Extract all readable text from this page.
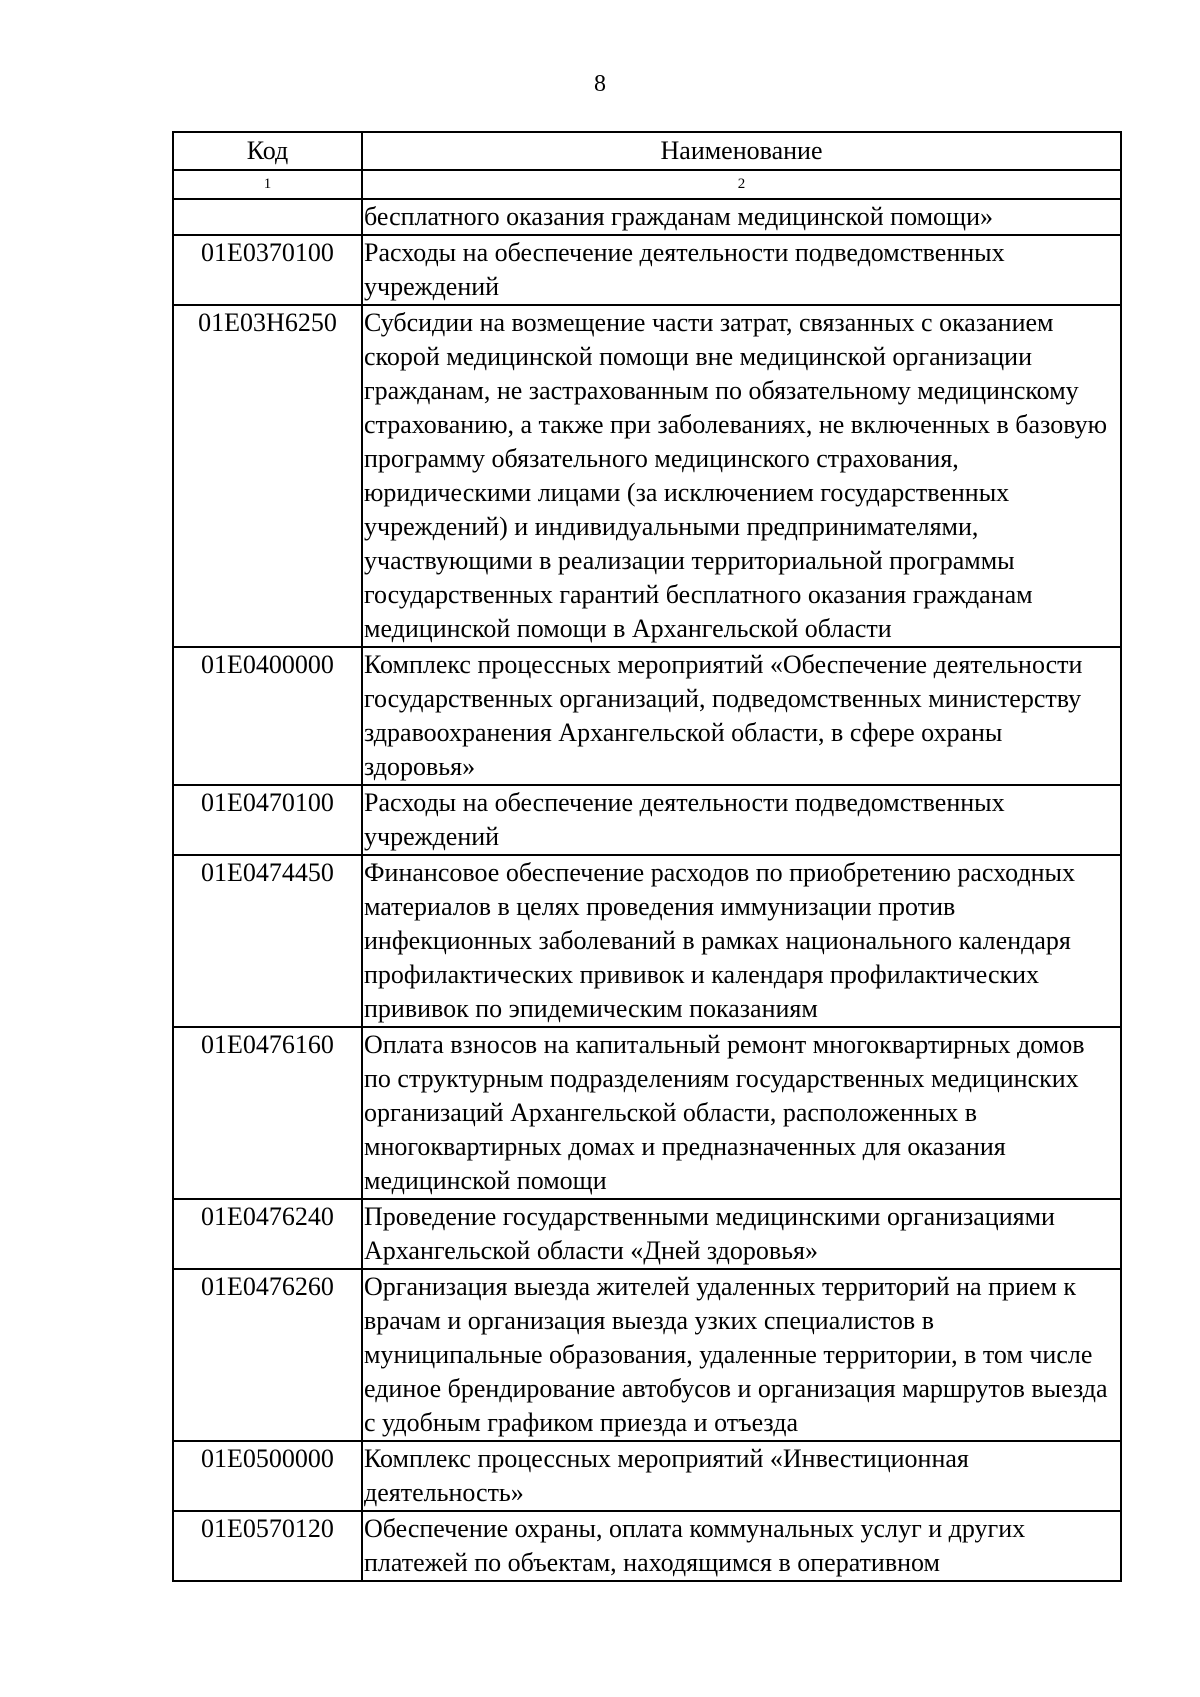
8
Код	Наименование
1	2
	бесплатного оказания гражданам медицинской помощи»
01Е0370100	Расходы на обеспечение деятельности подведомственных учреждений
01Е03Н6250	Субсидии на возмещение части затрат, связанных с оказанием скорой медицинской помощи вне медицинской организации гражданам, не застрахованным по обязательному медицинскому страхованию, а также при заболеваниях, не включенных в базовую программу обязательного медицинского страхования, юридическими лицами (за исключением государственных учреждений) и индивидуальными предпринимателями, участвующими в реализации территориальной программы государственных гарантий бесплатного оказания гражданам медицинской помощи в Архангельской области
01Е0400000	Комплекс процессных мероприятий «Обеспечение деятельности государственных организаций, подведомственных министерству здравоохранения Архангельской области, в сфере охраны здоровья»
01Е0470100	Расходы на обеспечение деятельности подведомственных учреждений
01Е0474450	Финансовое обеспечение расходов по приобретению расходных материалов в целях проведения иммунизации против инфекционных заболеваний в рамках национального календаря профилактических прививок и календаря профилактических прививок по эпидемическим показаниям
01Е0476160	Оплата взносов на капитальный ремонт многоквартирных домов по структурным подразделениям государственных медицинских организаций Архангельской области, расположенных в многоквартирных домах и предназначенных для оказания медицинской помощи
01Е0476240	Проведение государственными медицинскими организациями Архангельской области «Дней здоровья»
01Е0476260	Организация выезда жителей удаленных территорий на прием к врачам и организация выезда узких специалистов в муниципальные образования, удаленные территории, в том числе единое брендирование автобусов и организация маршрутов выезда с удобным графиком приезда и отъезда
01Е0500000	Комплекс процессных мероприятий «Инвестиционная деятельность»
01Е0570120	Обеспечение охраны, оплата коммунальных услуг и других платежей по объектам, находящимся в оперативном
